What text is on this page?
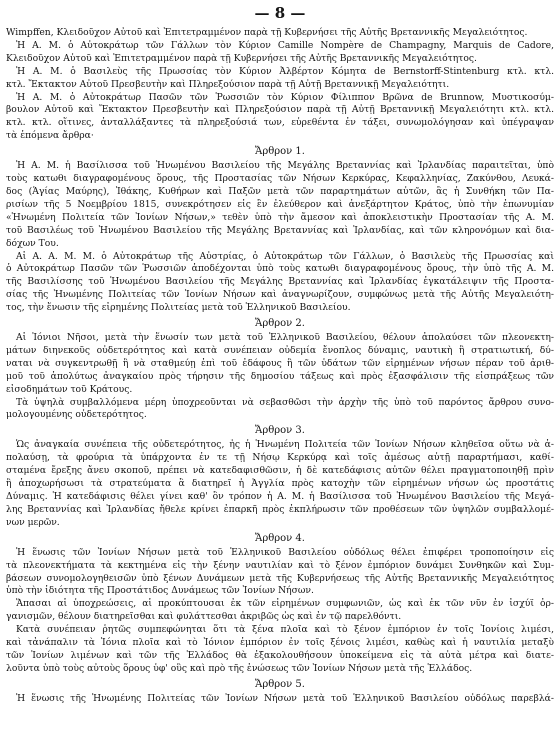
— 8 —
Wimpffen, Κλειδοῦχον Αὐτοῦ καὶ Ἐπιτετραμμένον παρὰ τῇ Κυβερνήσει τῆς Αὐτῆς Βρεταννικῆς Μεγαλειότητος.
Ἡ Α. Μ. ὁ Αὐτοκράτωρ τῶν Γάλλων τὸν Κύριον Camille Nompère de Champagny, Marquis de Cadore,
Κλειδοῦχον Αὐτοῦ καὶ Ἐπιτετραμμένον παρὰ τῇ Κυβερνήσει τῆς Αὐτῆς Βρεταννικῆς Μεγαλειότητος.
Ἡ Α. Μ. ὁ Βασιλεὺς τῆς Πρωσσίας τὸν Κύριον Ἀλβέρτον Κόμητα de Bernstorff-Stintenburg κτλ. κτλ.
κτλ. Ἔκτακτον Αὐτοῦ Πρεσβευτὴν καὶ Πληρεξούσιον παρὰ τῇ Αὐτῇ Βρεταννικῇ Μεγαλειότητι.
Ἡ Α. Μ. ὁ Αὐτοκράτωρ Πασῶν τῶν Ῥωσσιῶν τὸν Κύριον Φίλιππον Βρῶνα de Brunnow, Μυστικοσύμ-
βουλον Αὐτοῦ καὶ Ἔκτακτον Πρεσβευτὴν καὶ Πληρεξούσιον παρὰ τῇ Αὐτῇ Βρεταννικῇ Μεγαλειότητι κτλ. κτλ.
κτλ. κτλ. οἵτινες, ἀνταλλάξαντες τὰ πληρεξούσιά των, εὑρεθέντα ἐν τάξει, συνωμολόγησαν καὶ ὑπέγραψαν
τὰ ἑπόμενα ἄρθρα·
Ἄρθρον 1.
Ἡ Α. Μ. ἡ Βασίλισσα τοῦ Ἡνωμένου Βασιλείου τῆς Μεγάλης Βρεταννίας καὶ Ἰρλανδίας παραιτεῖται, ὑπὸ
τοὺς κατωθι διαγραφομένους ὅρους, τῆς Προστασίας τῶν Νήσων Κερκύρας, Κεφαλληνίας, Ζακύνθου, Λευκά-
δος (Ἁγίας Μαύρης), Ἰθάκης, Κυθήρων καὶ Παξῶν μετὰ τῶν παραρτημάτων αὐτῶν, ἃς ἡ Συνθήκη τῶν Πα-
ρισίων τῆς 5 Νοεμβρίου 1815, συνεκρότησεν εἰς ἓν ἐλεύθερον καὶ ἀνεξάρτητον Κράτος, ὑπὸ τὴν ἐπωνυμίαν
«Ἡνωμένη Πολιτεία τῶν Ἰονίων Νήσων,» τεθὲν ὑπὸ τὴν ἄμεσον καὶ ἀποκλειστικὴν Προστασίαν τῆς Α. Μ.
τοῦ Βασιλέως τοῦ Ἡνωμένου Βασιλείου τῆς Μεγάλης Βρεταννίας καὶ Ἰρλανδίας, καὶ τῶν κληρονόμων καὶ δια-
δόχων Του.
Αἱ Α. Α. Μ. Μ. ὁ Αὐτοκράτωρ τῆς Αὐστρίας, ὁ Αὐτοκράτωρ τῶν Γάλλων, ὁ Βασιλεὺς τῆς Πρωσσίας καὶ
ὁ Αὐτοκράτωρ Πασῶν τῶν Ῥωσσιῶν ἀποδέχονται ὑπὸ τοὺς κατωθι διαγραφομένους ὅρους, τὴν ὑπὸ τῆς Α. Μ.
τῆς Βασιλίσσης τοῦ Ἡνωμένου Βασιλείου τῆς Μεγάλης Βρεταννίας καὶ Ἰρλανδίας ἐγκατάλειψιν τῆς Προστα-
σίας τῆς Ἡνωμένης Πολιτείας τῶν Ἰονίων Νήσων καὶ ἀναγνωρίζουν, συμφώνως μετὰ τῆς Αὐτῆς Μεγαλειότη-
τος, τὴν ἕνωσιν τῆς εἰρημένης Πολιτείας μετὰ τοῦ Ἑλληνικοῦ Βασιλείου.
Ἄρθρον 2.
Αἱ Ἰόνιοι Νῆσοι, μετὰ τὴν ἕνωσίν των μετὰ τοῦ Ἑλληνικοῦ Βασιλείου, θέλουν ἀπολαύσει τῶν πλεονεκτη-
μάτων διηνεκοῦς οὐδετερότητος καὶ κατὰ συνέπειαν οὐδεμία ἔνοπλος δύναμις, ναυτικὴ ἢ στρατιωτική, δύ-
ναται νὰ συγκεντρωθῇ ἢ νὰ σταθμεύῃ ἐπὶ τοῦ ἐδάφους ἢ τῶν ὑδάτων τῶν εἰρημένων νήσων πέραν τοῦ ἀριθ-
μοῦ τοῦ ἀπολύτως ἀναγκαίου πρὸς τήρησιν τῆς δημοσίου τάξεως καὶ πρὸς ἐξασφάλισιν τῆς εἰσπράξεως τῶν
εἰσοδημάτων τοῦ Κράτους.
Τὰ ὑψηλὰ συμβαλλόμενα μέρη ὑποχρεοῦνται νὰ σεβασθῶσι τὴν ἀρχὴν τῆς ὑπὸ τοῦ παρόντος ἄρθρου συνο-
μολογουμένης οὐδετερότητος.
Ἄρθρον 3.
Ὡς ἀναγκαία συνέπεια τῆς οὐδετερότητος, ἧς ἡ Ἡνωμένη Πολιτεία τῶν Ἰονίων Νήσων κληθεῖσα οὕτω νὰ ἀ-
πολαύσῃ, τὰ φρούρια τὰ ὑπάρχοντα ἐν τε τῇ Νήσῳ Κερκύρᾳ καὶ τοῖς ἀμέσως αὐτῇ παραρτήμασι, καθί-
σταμένα ἔρεξης ἄνευ σκοποῦ, πρέπει νὰ κατεδαφισθῶσιν, ἡ δὲ κατεδάφισις αὐτῶν θέλει πραγματοποιηθῇ πρὶν
ἢ ἀποχωρήσωσι τὰ στρατεύματα ἃ διατηρεῖ ἡ Ἀγγλία πρὸς κατοχὴν τῶν εἰρημένων νήσων ὡς προστάτις
Δύναμις. Ἡ κατεδάφισις θέλει γίνει καθ' ὃν τρόπον ἡ Α. Μ. ἡ Βασίλισσα τοῦ Ἡνωμένου Βασιλείου τῆς Μεγά-
λης Βρεταννίας καὶ Ἰρλανδίας ἤθελε κρίνει ἐπαρκῆ πρὸς ἐκπλήρωσιν τῶν προθέσεων τῶν ὑψηλῶν συμβαλλομέ-
νων μερῶν.
Ἄρθρον 4.
Ἡ ἕνωσις τῶν Ἰονίων Νήσων μετὰ τοῦ Ἑλληνικοῦ Βασιλείου οὐδόλως θέλει ἐπιφέρει τροποποίησιν εἰς
τὰ πλεονεκτήματα τὰ κεκτημένα εἰς τὴν ξένην ναυτιλίαν καὶ τὸ ξένον ἐμπόριον δυνάμει Συνθηκῶν καὶ Συμ-
βάσεων συνομολογηθεισῶν ὑπὸ ξένων Δυνάμεων μετὰ τῆς Κυβερνήσεως τῆς Αὐτῆς Βρεταννικῆς Μεγαλειότητος
ὑπὸ τὴν ἰδιότητα τῆς Προστάτιδος Δυνάμεως τῶν Ἰονίων Νήσων.
Ἅπασαι αἱ ὑποχρεώσεις, αἱ προκύπτουσαι ἐκ τῶν εἰρημένων συμφωνιῶν, ὡς καὶ ἐκ τῶν νῦν ἐν ἰσχύϊ ὀρ-
γανισμῶν, θέλουν διατηρεῖσθαι καὶ φυλάττεσθαι ἀκριβῶς ὡς καὶ ἐν τῷ παρελθόντι.
Κατὰ συνέπειαν ῥητῶς συμπεφώνηται ὅτι τὰ ξένα πλοῖα καὶ τὸ ξένον ἐμπόριον ἐν τοῖς Ἰονίοις λιμέσι,
καὶ τἀνάπαλιν τὰ Ἰόνια πλοῖα καὶ τὸ Ἰόνιον ἐμπόριον ἐν τοῖς ξένοις λιμέσι, καθὼς καὶ ἡ ναυτιλία μεταξὺ
τῶν Ἰονίων λιμένων καὶ τῶν τῆς Ἑλλάδος θὰ ἐξακολουθήσουν ὑποκείμενα εἰς τὰ αὐτὰ μέτρα καὶ διατε-
λοῦντα ὑπὸ τοὺς αὐτοὺς ὅρους ὑφ' οὓς καὶ πρὸ τῆς ἑνώσεως τῶν Ἰονίων Νήσων μετὰ τῆς Ἑλλάδος.
Ἄρθρον 5.
Ἡ ἕνωσις τῆς Ἡνωμένης Πολιτείας τῶν Ἰονίων Νήσων μετὰ τοῦ Ἑλληνικοῦ Βασιλείου οὐδόλως παρεβλά-
